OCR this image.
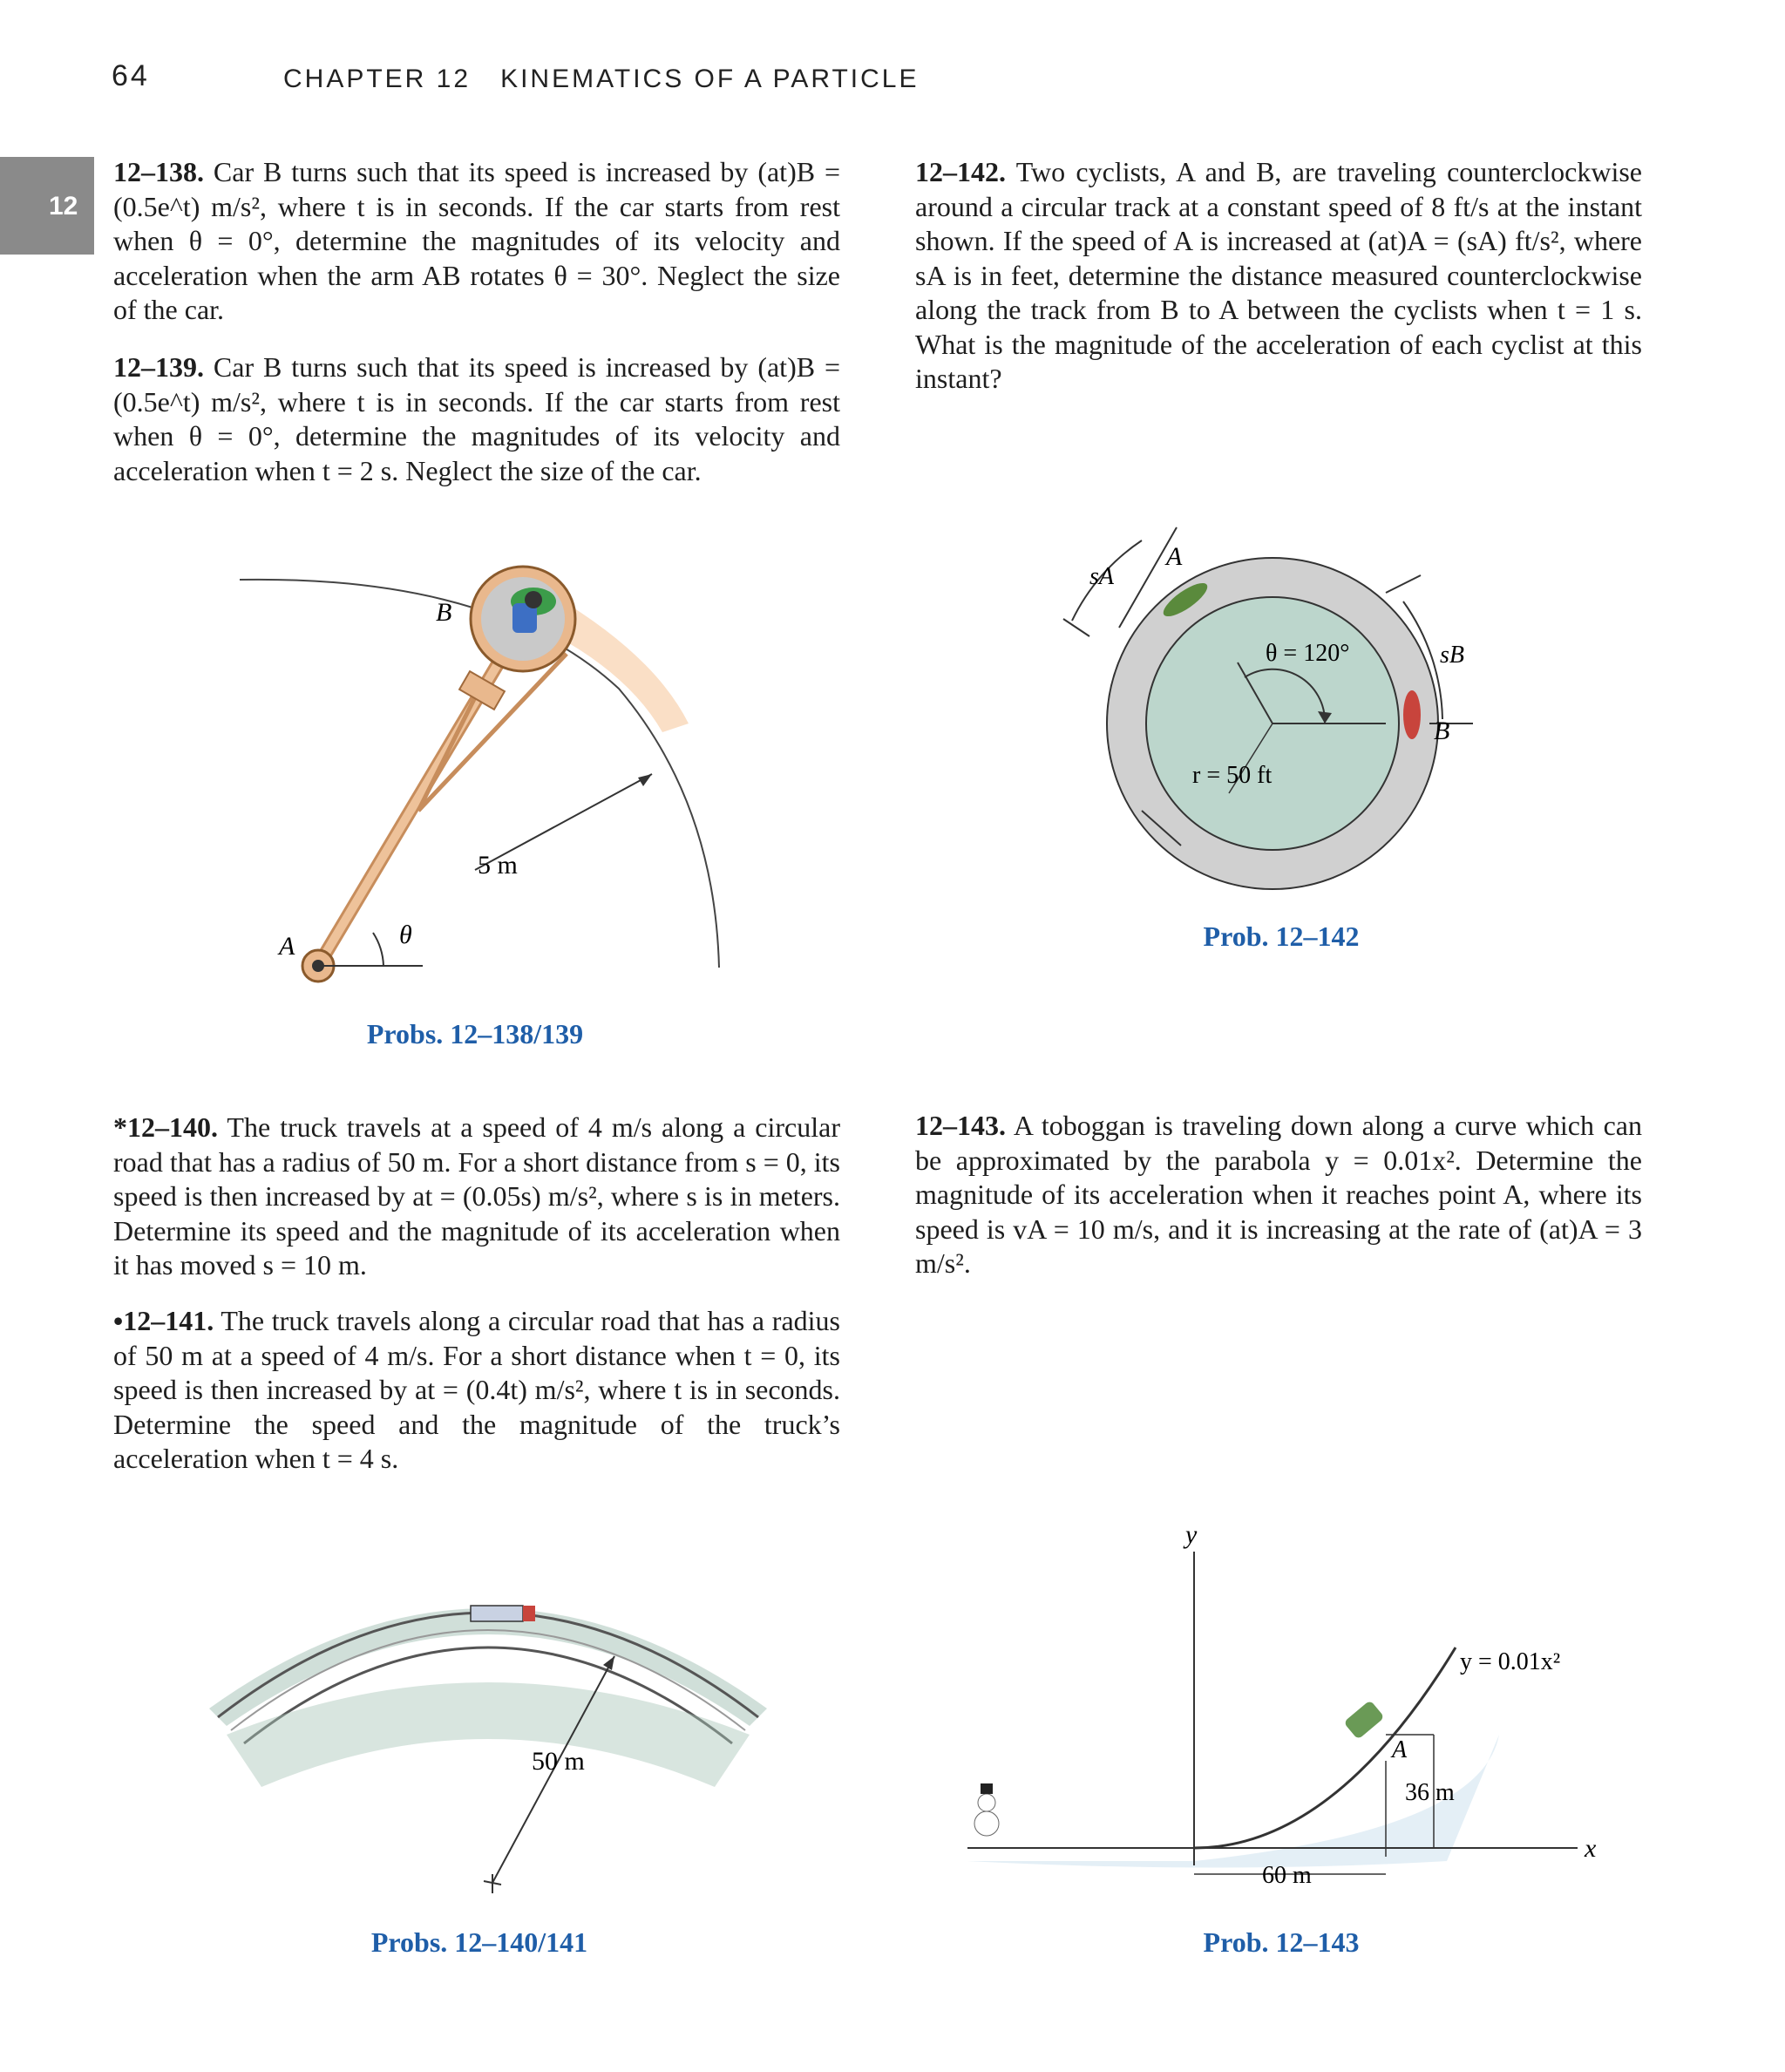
64	CHAPTER 12 KINEMATICS OF A PARTICLE
12
12–138. Car B turns such that its speed is increased by (at)B = (0.5e^t) m/s², where t is in seconds. If the car starts from rest when θ = 0°, determine the magnitudes of its velocity and acceleration when the arm AB rotates θ = 30°. Neglect the size of the car.
12–139. Car B turns such that its speed is increased by (at)B = (0.5e^t) m/s², where t is in seconds. If the car starts from rest when θ = 0°, determine the magnitudes of its velocity and acceleration when t = 2 s. Neglect the size of the car.
12–142. Two cyclists, A and B, are traveling counterclockwise around a circular track at a constant speed of 8 ft/s at the instant shown. If the speed of A is increased at (at)A = (sA) ft/s², where sA is in feet, determine the distance measured counterclockwise along the track from B to A between the cyclists when t = 1 s. What is the magnitude of the acceleration of each cyclist at this instant?
A
B
θ
5 m
Probs. 12–138/139
A
sA
sB
B
θ = 120°
r = 50 ft
Prob. 12–142
*12–140. The truck travels at a speed of 4 m/s along a circular road that has a radius of 50 m. For a short distance from s = 0, its speed is then increased by at = (0.05s) m/s², where s is in meters. Determine its speed and the magnitude of its acceleration when it has moved s = 10 m.
•12–141. The truck travels along a circular road that has a radius of 50 m at a speed of 4 m/s. For a short distance when t = 0, its speed is then increased by at = (0.4t) m/s², where t is in seconds. Determine the speed and the magnitude of the truck’s acceleration when t = 4 s.
12–143. A toboggan is traveling down along a curve which can be approximated by the parabola y = 0.01x². Determine the magnitude of its acceleration when it reaches point A, where its speed is vA = 10 m/s, and it is increasing at the rate of (at)A = 3 m/s².
50 m
Probs. 12–140/141
y
x
y = 0.01x²
A
36 m
60 m
Prob. 12–143
